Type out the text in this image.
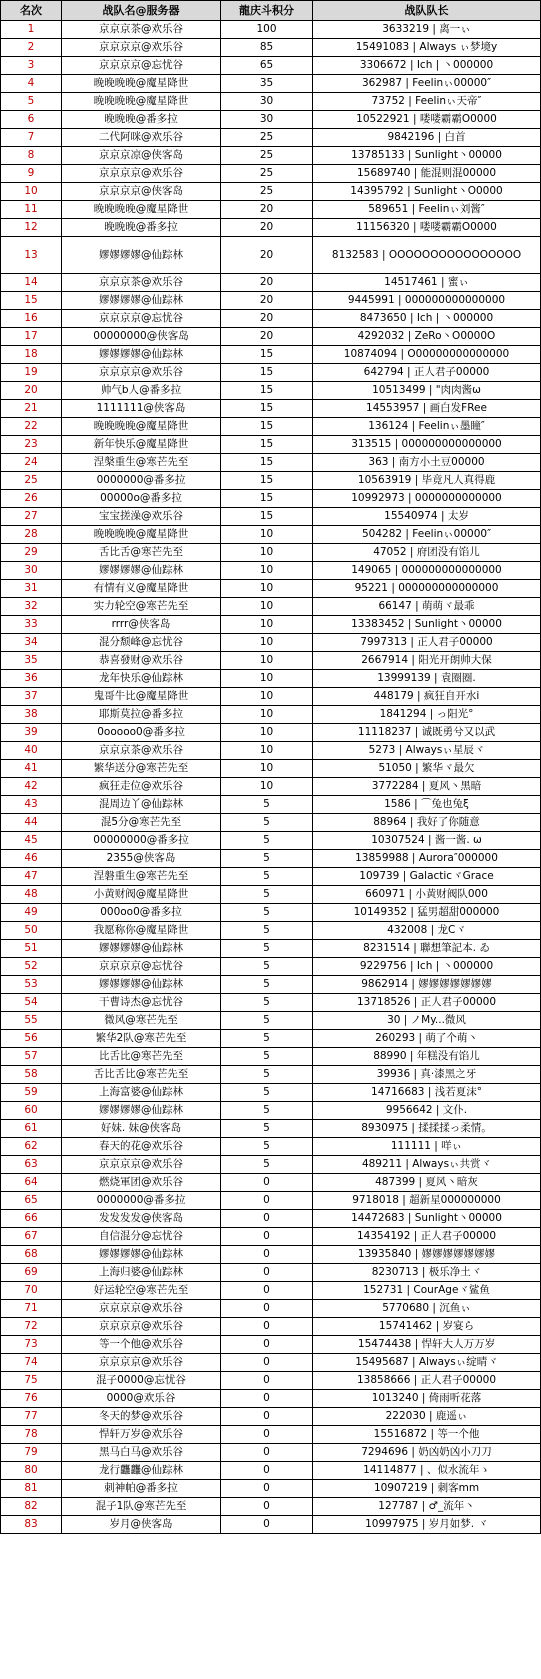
名次	战队名@服务器	龍庆斗积分	战队队长
1	京京京茶@欢乐谷	100	3633219 | 离一ぃ
2	京京京京@欢乐谷	85	15491083 | Always ぃ梦境y
3	京京京京@忘忧谷	65	3306672 | Ich | 丶000000
4	晚晚晚晚@魔星降世	35	362987 | Feelinぃ00000″
5	晚晚晚晚@魔星降世	30	73752 | Feelinぃ天帝″
6	晚晚晚@番多拉	30	10522921 | 喽喽霸霸O0000
7	二代阿咪@欢乐谷	25	9842196 | 白首
8	京京京凉@侠客岛	25	13785133 | Sunlight丶00000
9	京京京京@欢乐谷	25	15689740 | 能混则混00000
10	京京京京@侠客岛	25	14395792 | Sunlight丶O0000
11	晚晚晚晚@魔星降世	20	589651 | Feelinぃ刘酱″
12	晚晚晚@番多拉	20	11156320 | 喽喽霸霸O0000
13	嫪嫪嫪嫪@仙踪林	20	8132583 | OOOOOOOOOOOOOOOO
14	京京京茶@欢乐谷	20	14517461 | 蜜ぃ
15	嫪嫪嫪嫪@仙踪林	20	9445991 | 000000000000000
16	京京京京@忘忧谷	20	8473650 | Ich | 丶000000
17	00000000@侠客岛	20	4292032 | ZeRo丶O0000O
18	嫪嫪嫪嫪@仙踪林	15	10874094 | O00000000000000
19	京京京京@欢乐谷	15	642794 | 正人君子00000
20	帅气b人@番多拉	15	10513499 | "肉肉酱ω
21	1111111@侠客岛	15	14553957 | 画白发FRee
22	晚晚晚晚@魔星降世	15	136124 | Feelinぃ墨瞳″
23	新年快乐@魔星降世	15	313515 | 000000000000000
24	涅槃重生@寒芒先至	15	363 | 南方小土豆00000
25	0000000@番多拉	15	10563919 | 毕竟凡人真得鹿
26	00000o@番多拉	15	10992973 | 0000000000000
27	宝宝搓澡@欢乐谷	15	15540974 | 太岁
28	晚晚晚晚@魔星降世	10	504282 | Feelinぃ00000″
29	舌比舌@寒芒先至	10	47052 | 府团没有馅儿
30	嫪嫪嫪嫪@仙踪林	10	149065 | 000000000000000
31	有情有义@魔星降世	10	95221 | 000000000000000
32	实力轮空@寒芒先至	10	66147 | 萌萌ヾ最乖
33	rrrr@侠客岛	10	13383452 | Sunlight丶00000
34	混分颓峰@忘忧谷	10	7997313 | 正人君子00000
35	恭喜發财@欢乐谷	10	2667914 | 阳光开朗帅大保
36	龙年快乐@仙踪林	10	13999139 | 袁圈圈.
37	鬼哥牛比@魔星降世	10	448179 | 疯狂自开水i
38	耶斯莫拉@番多拉	10	1841294 | っ阳光°
39	0ooooo0@番多拉	10	11118237 | 诚既勇兮又以武
40	京京京茶@欢乐谷	10	5273 | Alwaysぃ星辰ヾ
41	繁华送分@寒芒先至	10	51050 | 繁华ヾ最欠
42	疯狂走位@欢乐谷	10	3772284 | 夏风丶黑暗
43	混周边丫@仙踪林	5	1586 | ⌒兔也兔ξ
44	混5分@寒芒先至	5	88964 | 我好了你随意
45	00000000@番多拉	5	10307524 | 酱一酱. ω
46	2355@侠客岛	5	13859988 | Aurora″000000
47	涅磐重生@寒芒先至	5	109739 | GalacticヾGrace
48	小黄财阀@魔星降世	5	660971 | 小黄财阀队000
49	000oo0@番多拉	5	10149352 | 猛男超甜000000
50	我愿称你@魔星降世	5	432008 | 龙Cヾ
51	嫪嫪嫪嫪@仙踪林	5	8231514 | 聯想筆記本. ゐ
52	京京京京@忘忧谷	5	9229756 | Ich | 丶000000
53	嫪嫪嫪嫪@仙踪林	5	9862914 | 嫪嫪嫪嫪嫪嫪嫪
54	干曹诗杰@忘忧谷	5	13718526 | 正人君子00000
55	微风@寒芒先至	5	30 | ノMy...微风
56	繁华2队@寒芒先至	5	260293 | 萌了个萌丶
57	比舌比@寒芒先至	5	88990 | 年糕没有馅儿
58	舌比舌比@寒芒先至	5	39936 | 真·漆黑之牙
59	上海富婆@仙踪林	5	14716683 | 浅若夏沫°
60	嫪嫪嫪嫪@仙踪林	5	9956642 | 文仆.
61	好妹. 妹@侠客岛	5	8930975 | 揉揉揉っ柔情。
62	春天的花@欢乐谷	5	111111 | 咩ぃ
63	京京京京@欢乐谷	5	489211 | Alwaysぃ共赏ヾ
64	燃烧軍团@欢乐谷	0	487399 | 夏风丶暗灰
65	0000000@番多拉	0	9718018 | 超新星000000000
66	发发发发@侠客岛	0	14472683 | Sunlight丶00000
67	自信混分@忘忧谷	0	14354192 | 正人君子00000
68	嫪嫪嫪嫪@仙踪林	0	13935840 | 嫪嫪嫪嫪嫪嫪嫪
69	上海归婆@仙踪林	0	8230713 | 极乐净土ヾ
70	好运轮空@寒芒先至	0	152731 | CourAgeヾ鲨鱼
71	京京京京@欢乐谷	0	5770680 | 沉鱼ぃ
72	京京京京@欢乐谷	0	15741462 | 岁宴ら
73	等一个他@欢乐谷	0	15474438 | 悍轩大人万万岁
74	京京京京@欢乐谷	0	15495687 | Alwaysぃ绽晴ヾ
75	混子0000@忘忧谷	0	13858666 | 正人君子00000
76	0000@欢乐谷	0	1013240 | 倚雨听花落
77	冬天的梦@欢乐谷	0	222030 | 鹿遥ぃ
78	悍轩万岁@欢乐谷	0	15516872 | 等一个他
79	黑马白马@欢乐谷	0	7294696 | 奶凶奶凶小刀刀
80	龙行龘龘@仙踪林	0	14114877 | 、似水流年ゝ
81	刺神帕@番多拉	0	10907219 | 刺客mm
82	混子1队@寒芒先至	0	127787 | ♂_流年丶
83	岁月@侠客岛	0	10997975 | 岁月如梦. ヾ
